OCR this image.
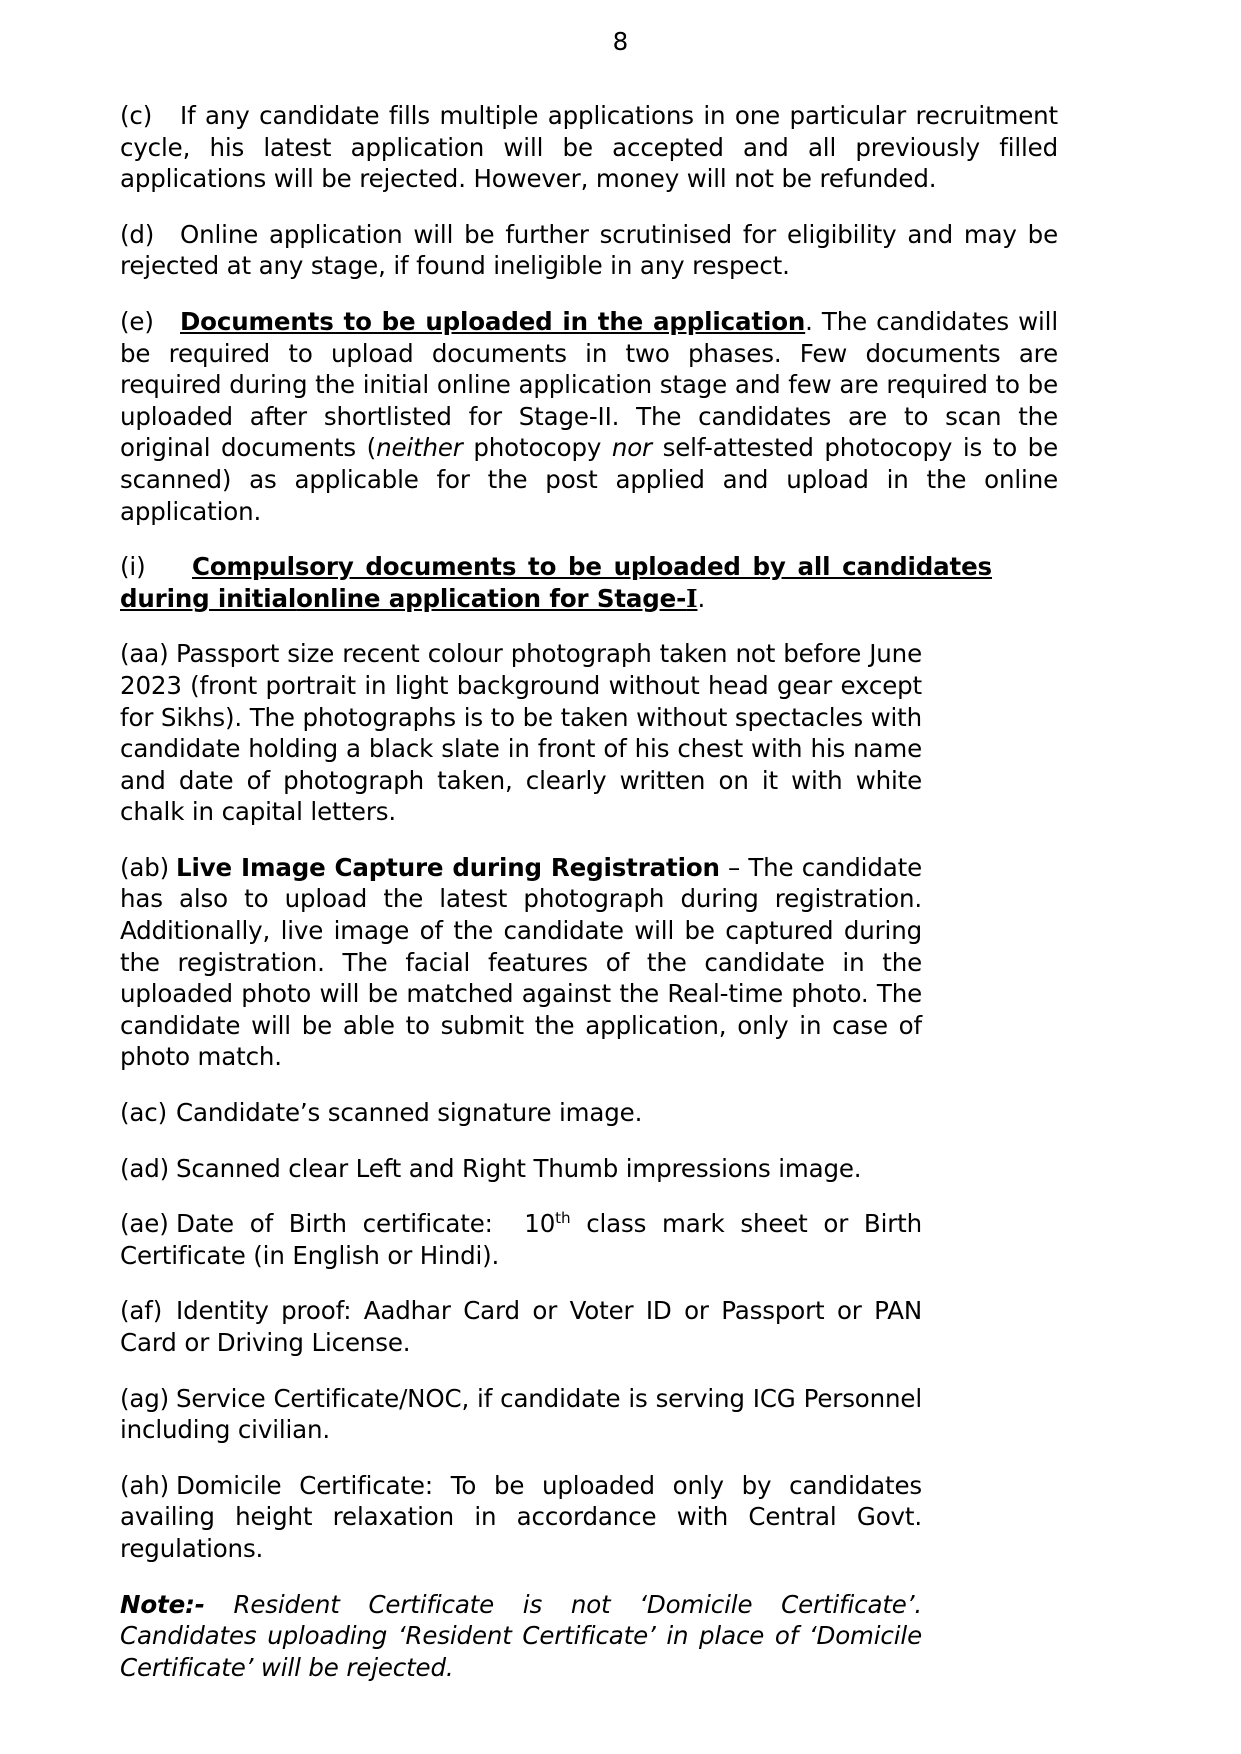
8

(c) If any candidate fills multiple applications in one particular recruitment cycle, his latest application will be accepted and all previously filled applications will be rejected. However, money will not be refunded.

(d) Online application will be further scrutinised for eligibility and may be rejected at any stage, if found ineligible in any respect.

(e) Documents to be uploaded in the application. The candidates will be required to upload documents in two phases. Few documents are required during the initial online application stage and few are required to be uploaded after shortlisted for Stage-II. The candidates are to scan the original documents (neither photocopy nor self-attested photocopy is to be scanned) as applicable for the post applied and upload in the online application.

(i) Compulsory documents to be uploaded by all candidates during initialonline application for Stage-I.

(aa) Passport size recent colour photograph taken not before June 2023 (front portrait in light background without head gear except for Sikhs). The photographs is to be taken without spectacles with candidate holding a black slate in front of his chest with his name and date of photograph taken, clearly written on it with white chalk in capital letters.

(ab) Live Image Capture during Registration – The candidate has also to upload the latest photograph during registration. Additionally, live image of the candidate will be captured during the registration. The facial features of the candidate in the uploaded photo will be matched against the Real-time photo. The candidate will be able to submit the application, only in case of photo match.

(ac) Candidate’s scanned signature image.

(ad) Scanned clear Left and Right Thumb impressions image.

(ae) Date of Birth certificate:  10th class mark sheet or Birth Certificate (in English or Hindi).

(af) Identity proof: Aadhar Card or Voter ID or Passport or PAN Card or Driving License.

(ag) Service Certificate/NOC, if candidate is serving ICG Personnel including civilian.

(ah) Domicile Certificate: To be uploaded only by candidates availing height relaxation in accordance with Central Govt. regulations.

Note:- Resident Certificate is not ‘Domicile Certificate’. Candidates uploading ‘Resident Certificate’ in place of ‘Domicile Certificate’ will be rejected.
